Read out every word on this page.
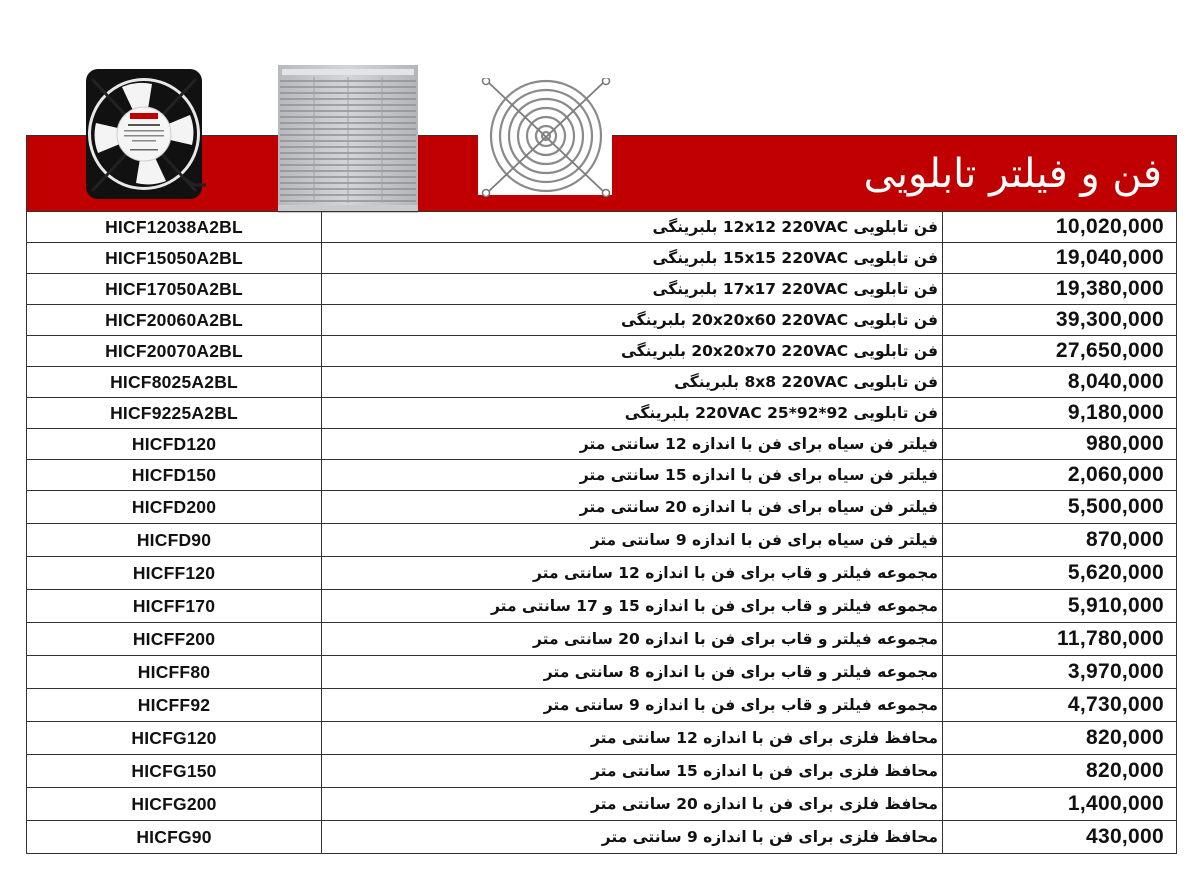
فن و فیلتر تابلویی
HICF12038A2BL	فن تابلویی 12x12 220VAC بلبرینگی	10,020,000
HICF15050A2BL	فن تابلویی 15x15 220VAC بلبرینگی	19,040,000
HICF17050A2BL	فن تابلویی 17x17 220VAC بلبرینگی	19,380,000
HICF20060A2BL	فن تابلویی 20x20x60 220VAC بلبرینگی	39,300,000
HICF20070A2BL	فن تابلویی 20x20x70 220VAC بلبرینگی	27,650,000
HICF8025A2BL	فن تابلویی 8x8 220VAC بلبرینگی	8,040,000
HICF9225A2BL	فن تابلویی 92*92*25 220VAC بلبرینگی	9,180,000
HICFD120	فیلتر فن سیاه برای فن با اندازه 12 سانتی متر	980,000
HICFD150	فیلتر فن سیاه برای فن با اندازه 15 سانتی متر	2,060,000
HICFD200	فیلتر فن سیاه برای فن با اندازه 20 سانتی متر	5,500,000
HICFD90	فیلتر فن سیاه برای فن با اندازه 9 سانتی متر	870,000
HICFF120	مجموعه فیلتر و قاب برای فن با اندازه 12 سانتی متر	5,620,000
HICFF170	مجموعه فیلتر و قاب برای فن با اندازه 15 و 17 سانتی متر	5,910,000
HICFF200	مجموعه فیلتر و قاب برای فن با اندازه 20 سانتی متر	11,780,000
HICFF80	مجموعه فیلتر و قاب برای فن با اندازه 8 سانتی متر	3,970,000
HICFF92	مجموعه فیلتر و قاب برای فن با اندازه 9 سانتی متر	4,730,000
HICFG120	محافظ فلزی برای فن با اندازه 12 سانتی متر	820,000
HICFG150	محافظ فلزی برای فن با اندازه 15 سانتی متر	820,000
HICFG200	محافظ فلزی برای فن با اندازه 20 سانتی متر	1,400,000
HICFG90	محافظ فلزی برای فن با اندازه 9 سانتی متر	430,000
